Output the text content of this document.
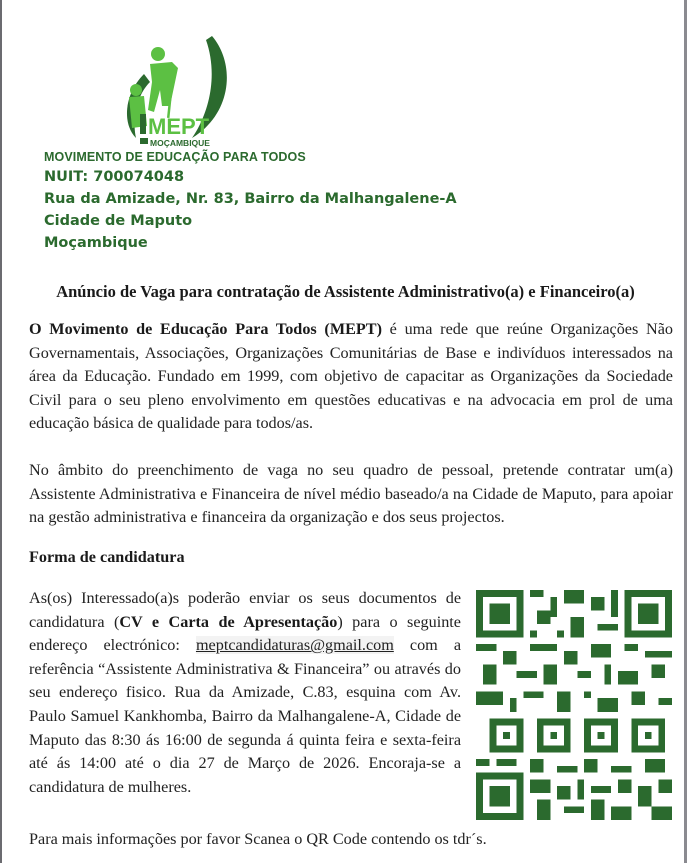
MEPT
MOÇAMBIQUE
MOVIMENTO DE EDUCAÇÃO PARA TODOS
NUIT: 700074048
Rua da Amizade, Nr. 83, Bairro da Malhangalene-A
Cidade de Maputo
Moçambique
Anúncio de Vaga para contratação de Assistente Administrativo(a) e Financeiro(a)
O Movimento de Educação Para Todos (MEPT) é uma rede que reúne Organizações Não Governamentais, Associações, Organizações Comunitárias de Base e indivíduos interessados na área da Educação. Fundado em 1999, com objetivo de capacitar as Organizações da Sociedade Civil para o seu pleno envolvimento em questões educativas e na advocacia em prol de uma educação básica de qualidade para todos/as.
No âmbito do preenchimento de vaga no seu quadro de pessoal, pretende contratar um(a) Assistente Administrativa e Financeira de nível médio baseado/a na Cidade de Maputo, para apoiar na gestão administrativa e financeira da organização e dos seus projectos.
Forma de candidatura
As(os) Interessado(a)s poderão enviar os seus documentos de candidatura (CV e Carta de Apresentação) para o seguinte endereço electrónico: meptcandidaturas@gmail.com com a referência “Assistente Administrativa & Financeira” ou através do seu endereço fisico. Rua da Amizade, C.83, esquina com Av. Paulo Samuel Kankhomba, Bairro da Malhangalene-A, Cidade de Maputo das 8:30 ás 16:00 de segunda á quinta feira e sexta-feira até ás 14:00 até o dia 27 de Março de 2026. Encoraja-se a candidatura de mulheres.
Para mais informações por favor Scanea o QR Code contendo os tdr´s.
